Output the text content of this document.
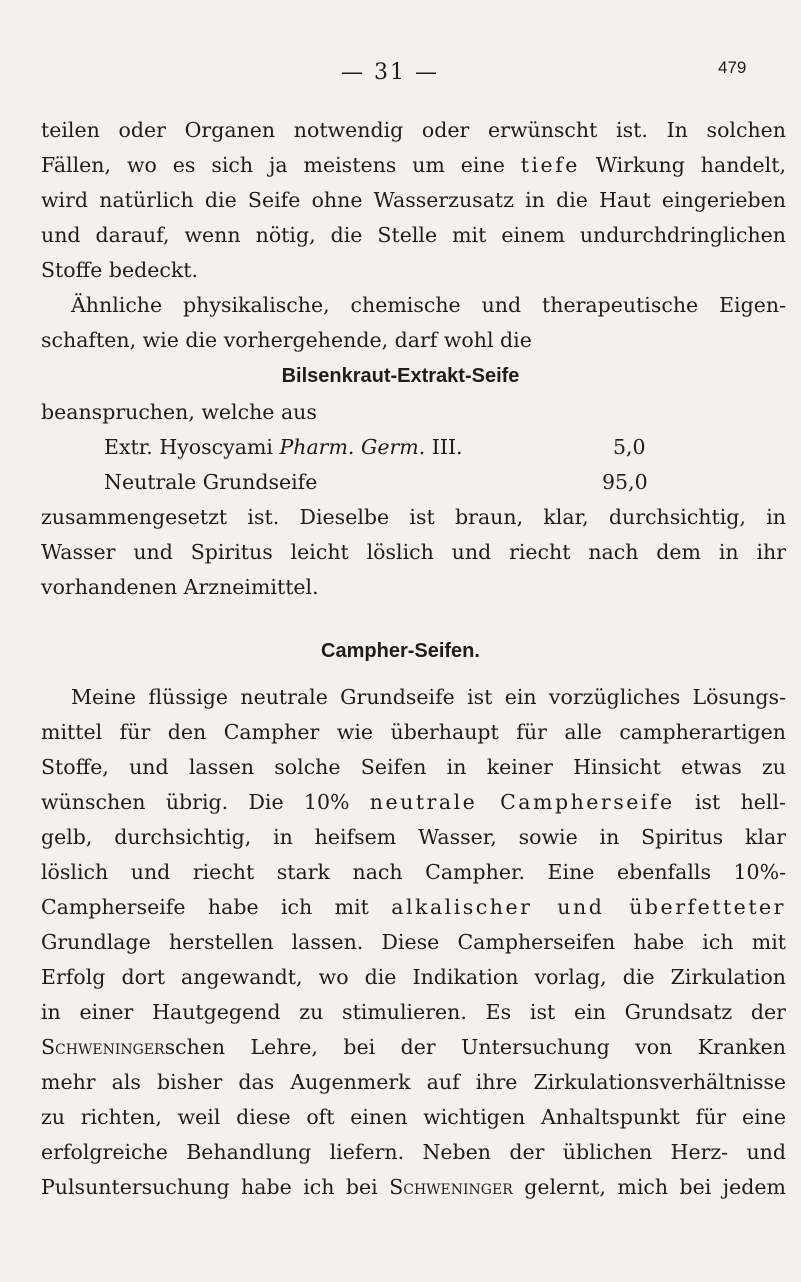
— 31 —	479
teilen oder Organen notwendig oder erwünscht ist. In solchen
Fällen, wo es sich ja meistens um eine tiefe Wirkung handelt,
wird natürlich die Seife ohne Wasserzusatz in die Haut eingerieben
und darauf, wenn nötig, die Stelle mit einem undurchdringlichen
Stoffe bedeckt.
Ähnliche physikalische, chemische und therapeutische Eigen-
schaften, wie die vorhergehende, darf wohl die
Bilsenkraut-Extrakt-Seife
beanspruchen, welche aus
Extr. Hyoscyami Pharm. Germ. III.	5,0
Neutrale Grundseife	95,0
zusammengesetzt ist. Dieselbe ist braun, klar, durchsichtig, in
Wasser und Spiritus leicht löslich und riecht nach dem in ihr
vorhandenen Arzneimittel.
Campher-Seifen.
Meine flüssige neutrale Grundseife ist ein vorzügliches Lösungs-
mittel für den Campher wie überhaupt für alle campherartigen
Stoffe, und lassen solche Seifen in keiner Hinsicht etwas zu
wünschen übrig. Die 10% neutrale Campherseife ist hell-
gelb, durchsichtig, in heifsem Wasser, sowie in Spiritus klar
löslich und riecht stark nach Campher. Eine ebenfalls 10%-
Campherseife habe ich mit alkalischer und überfetteter
Grundlage herstellen lassen. Diese Campherseifen habe ich mit
Erfolg dort angewandt, wo die Indikation vorlag, die Zirkulation
in einer Hautgegend zu stimulieren. Es ist ein Grundsatz der
Schweningerschen Lehre, bei der Untersuchung von Kranken
mehr als bisher das Augenmerk auf ihre Zirkulationsverhältnisse
zu richten, weil diese oft einen wichtigen Anhaltspunkt für eine
erfolgreiche Behandlung liefern. Neben der üblichen Herz- und
Pulsuntersuchung habe ich bei Schweninger gelernt, mich bei jedem
